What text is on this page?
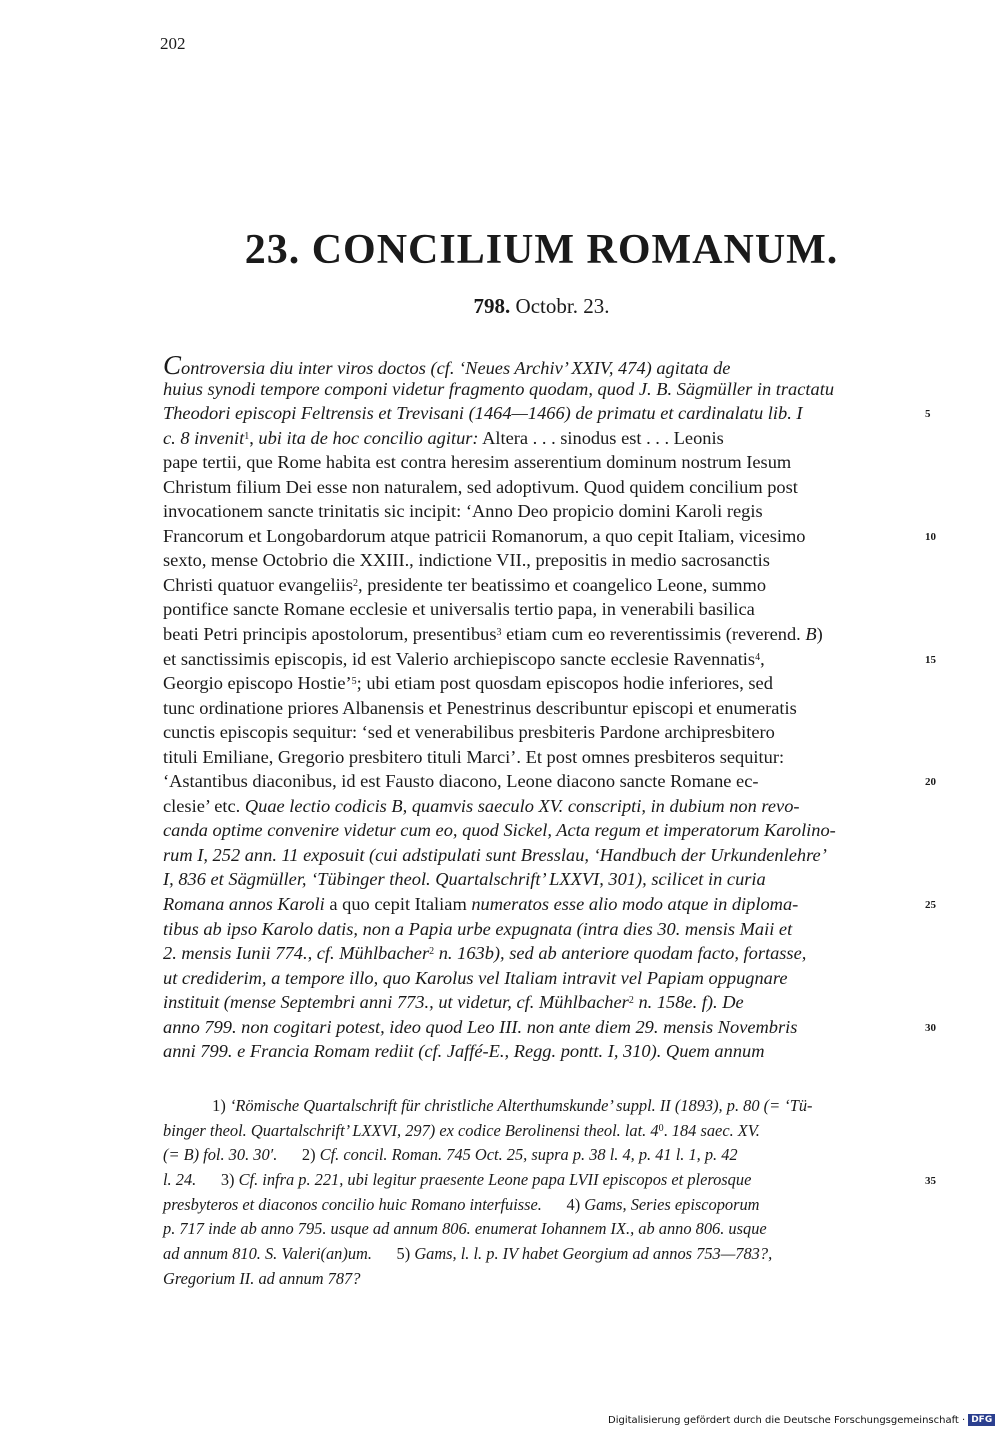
202
23. CONCILIUM ROMANUM.
798. Octobr. 23.
Controversia diu inter viros doctos (cf. ‘Neues Archiv’ XXIV, 474) agitata de
huius synodi tempore componi videtur fragmento quodam, quod J. B. Sägmüller in tractatu
Theodori episcopi Feltrensis et Trevisani (1464—1466) de primatu et cardinalatu lib. I	5
c. 8 invenit$^1$, ubi ita de hoc concilio agitur: Altera . . . sinodus est . . . Leonis
pape tertii, que Rome habita est contra heresim asserentium dominum nostrum Iesum
Christum filium Dei esse non naturalem, sed adoptivum. Quod quidem concilium post
invocationem sancte trinitatis sic incipit: ‘Anno Deo propicio domini Karoli regis
Francorum et Longobardorum atque patricii Romanorum, a quo cepit Italiam, vicesimo	10
sexto, mense Octobrio die XXIII., indictione VII., prepositis in medio sacrosanctis
Christi quatuor evangeliis$^2$, presidente ter beatissimo et coangelico Leone, summo
pontifice sancte Romane ecclesie et universalis tertio papa, in venerabili basilica
beati Petri principis apostolorum, presentibus$^3$ etiam cum eo reverentissimis (reverend. B)
et sanctissimis episcopis, id est Valerio archiepiscopo sancte ecclesie Ravennatis$^4$,	15
Georgio episcopo Hostie’$^5$; ubi etiam post quosdam episcopos hodie inferiores, sed
tunc ordinatione priores Albanensis et Penestrinus describuntur episcopi et enumeratis
cunctis episcopis sequitur: ‘sed et venerabilibus presbiteris Pardone archipresbitero
tituli Emiliane, Gregorio presbitero tituli Marci’. Et post omnes presbiteros sequitur:
‘Astantibus diaconibus, id est Fausto diacono, Leone diacono sancte Romane ec-	20
clesie’ etc. Quae lectio codicis B, quamvis saeculo XV. conscripti, in dubium non revo-
canda optime convenire videtur cum eo, quod Sickel, Acta regum et imperatorum Karolino-
rum I, 252 ann. 11 exposuit (cui adstipulati sunt Bresslau, ‘Handbuch der Urkundenlehre’
I, 836 et Sägmüller, ‘Tübinger theol. Quartalschrift’ LXXVI, 301), scilicet in curia
Romana annos Karoli a quo cepit Italiam numeratos esse alio modo atque in diploma-	25
tibus ab ipso Karolo datis, non a Papia urbe expugnata (intra dies 30. mensis Maii et
2. mensis Iunii 774., cf. Mühlbacher$^2$ n. 163b), sed ab anteriore quodam facto, fortasse,
ut crediderim, a tempore illo, quo Karolus vel Italiam intravit vel Papiam oppugnare
instituit (mense Septembri anni 773., ut videtur, cf. Mühlbacher$^2$ n. 158e. f). De
anno 799. non cogitari potest, ideo quod Leo III. non ante diem 29. mensis Novembris	30
anni 799. e Francia Romam rediit (cf. Jaffé-E., Regg. pontt. I, 310). Quem annum
1) ‘Römische Quartalschrift für christliche Alterthumskunde’ suppl. II (1893), p. 80 (= ‘Tü-
binger theol. Quartalschrift’ LXXVI, 297) ex codice Berolinensi theol. lat. $4^0$. 184 saec. XV.
(= B) fol. 30. 30′.      2) Cf. concil. Roman. 745 Oct. 25, supra p. 38 l. 4, p. 41 l. 1, p. 42
l. 24.      3) Cf. infra p. 221, ubi legitur praesente Leone papa LVII episcopos et plerosque	35
presbyteros et diaconos concilio huic Romano interfuisse.      4) Gams, Series episcoporum
p. 717 inde ab anno 795. usque ad annum 806. enumerat Iohannem IX., ab anno 806. usque
ad annum 810. S. Valeri(an)um.      5) Gams, l. l. p. IV habet Georgium ad annos 753—783?,
Gregorium II. ad annum 787?
Digitalisierung gefördert durch die Deutsche Forschungsgemeinschaft · DFG
